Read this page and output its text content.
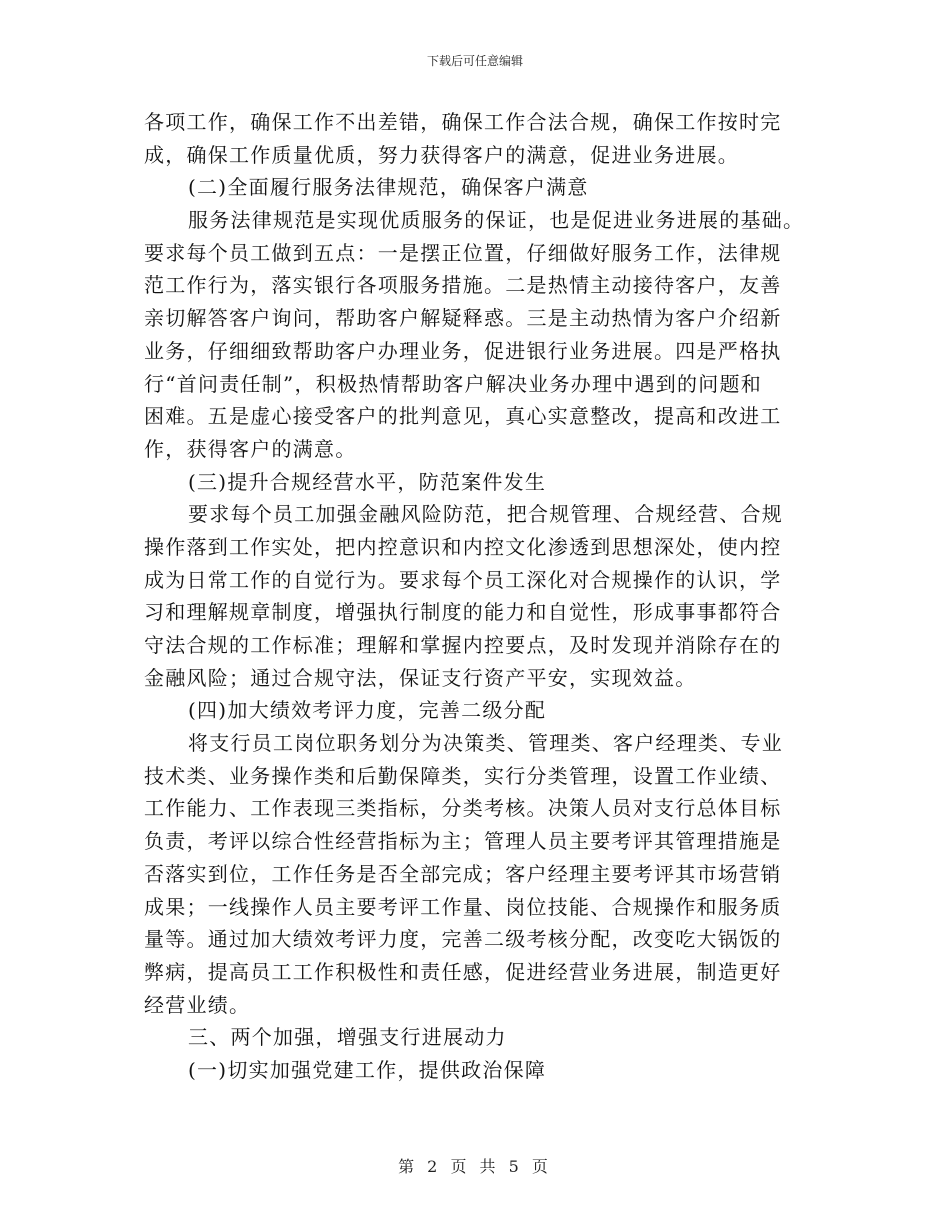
下载后可任意编辑
各项工作，确保工作不出差错，确保工作合法合规，确保工作按时完
成，确保工作质量优质，努力获得客户的满意，促进业务进展。
(二)全面履行服务法律规范，确保客户满意
服务法律规范是实现优质服务的保证，也是促进业务进展的基础。
要求每个员工做到五点：一是摆正位置，仔细做好服务工作，法律规
范工作行为，落实银行各项服务措施。二是热情主动接待客户，友善
亲切解答客户询问，帮助客户解疑释惑。三是主动热情为客户介绍新
业务，仔细细致帮助客户办理业务，促进银行业务进展。四是严格执
行“首问责任制”，积极热情帮助客户解决业务办理中遇到的问题和
困难。五是虚心接受客户的批判意见，真心实意整改，提高和改进工
作，获得客户的满意。
(三)提升合规经营水平，防范案件发生
要求每个员工加强金融风险防范，把合规管理、合规经营、合规
操作落到工作实处，把内控意识和内控文化渗透到思想深处，使内控
成为日常工作的自觉行为。要求每个员工深化对合规操作的认识，学
习和理解规章制度，增强执行制度的能力和自觉性，形成事事都符合
守法合规的工作标准；理解和掌握内控要点，及时发现并消除存在的
金融风险；通过合规守法，保证支行资产平安，实现效益。
(四)加大绩效考评力度，完善二级分配
将支行员工岗位职务划分为决策类、管理类、客户经理类、专业
技术类、业务操作类和后勤保障类，实行分类管理，设置工作业绩、
工作能力、工作表现三类指标，分类考核。决策人员对支行总体目标
负责，考评以综合性经营指标为主；管理人员主要考评其管理措施是
否落实到位，工作任务是否全部完成；客户经理主要考评其市场营销
成果；一线操作人员主要考评工作量、岗位技能、合规操作和服务质
量等。通过加大绩效考评力度，完善二级考核分配，改变吃大锅饭的
弊病，提高员工工作积极性和责任感，促进经营业务进展，制造更好
经营业绩。
三、两个加强，增强支行进展动力
(一)切实加强党建工作，提供政治保障
第 2 页 共 5 页
